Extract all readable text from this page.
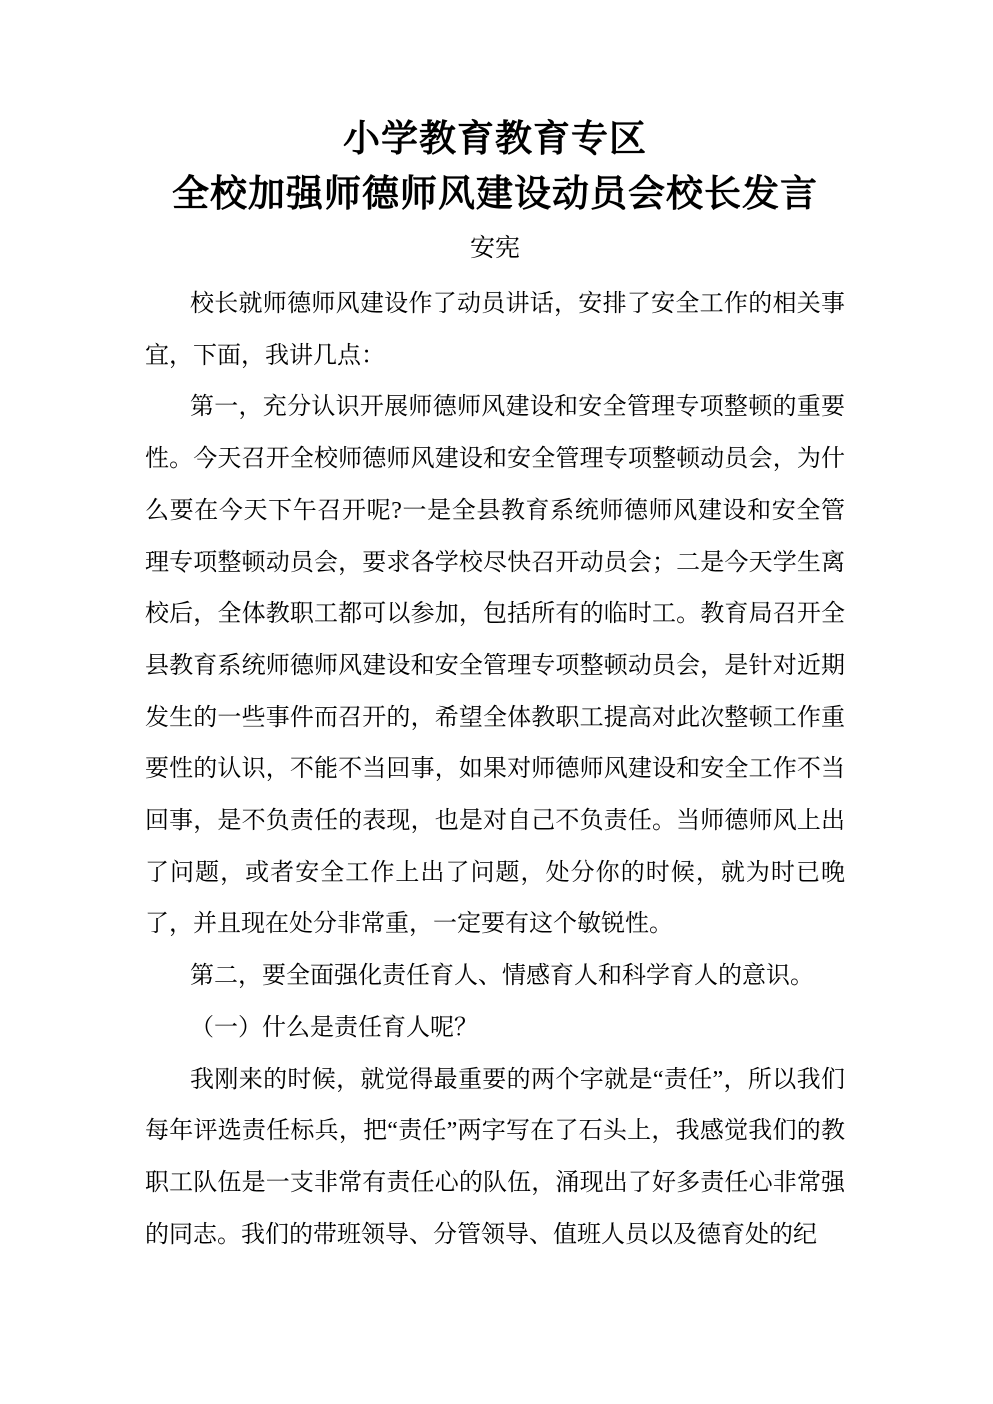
小学教育教育专区
全校加强师德师风建设动员会校长发言
安宪

校长就师德师风建设作了动员讲话，安排了安全工作的相关事宜，下面，我讲几点：

第一，充分认识开展师德师风建设和安全管理专项整顿的重要性。今天召开全校师德师风建设和安全管理专项整顿动员会，为什么要在今天下午召开呢?一是全县教育系统师德师风建设和安全管理专项整顿动员会，要求各学校尽快召开动员会；二是今天学生离校后，全体教职工都可以参加，包括所有的临时工。教育局召开全县教育系统师德师风建设和安全管理专项整顿动员会，是针对近期发生的一些事件而召开的，希望全体教职工提高对此次整顿工作重要性的认识，不能不当回事，如果对师德师风建设和安全工作不当回事，是不负责任的表现，也是对自己不负责任。当师德师风上出了问题，或者安全工作上出了问题，处分你的时候，就为时已晚了，并且现在处分非常重，一定要有这个敏锐性。

第二，要全面强化责任育人、情感育人和科学育人的意识。

（一）什么是责任育人呢？

我刚来的时候，就觉得最重要的两个字就是“责任”，所以我们每年评选责任标兵，把“责任”两字写在了石头上，我感觉我们的教职工队伍是一支非常有责任心的队伍，涌现出了好多责任心非常强的同志。我们的带班领导、分管领导、值班人员以及德育处的纪
